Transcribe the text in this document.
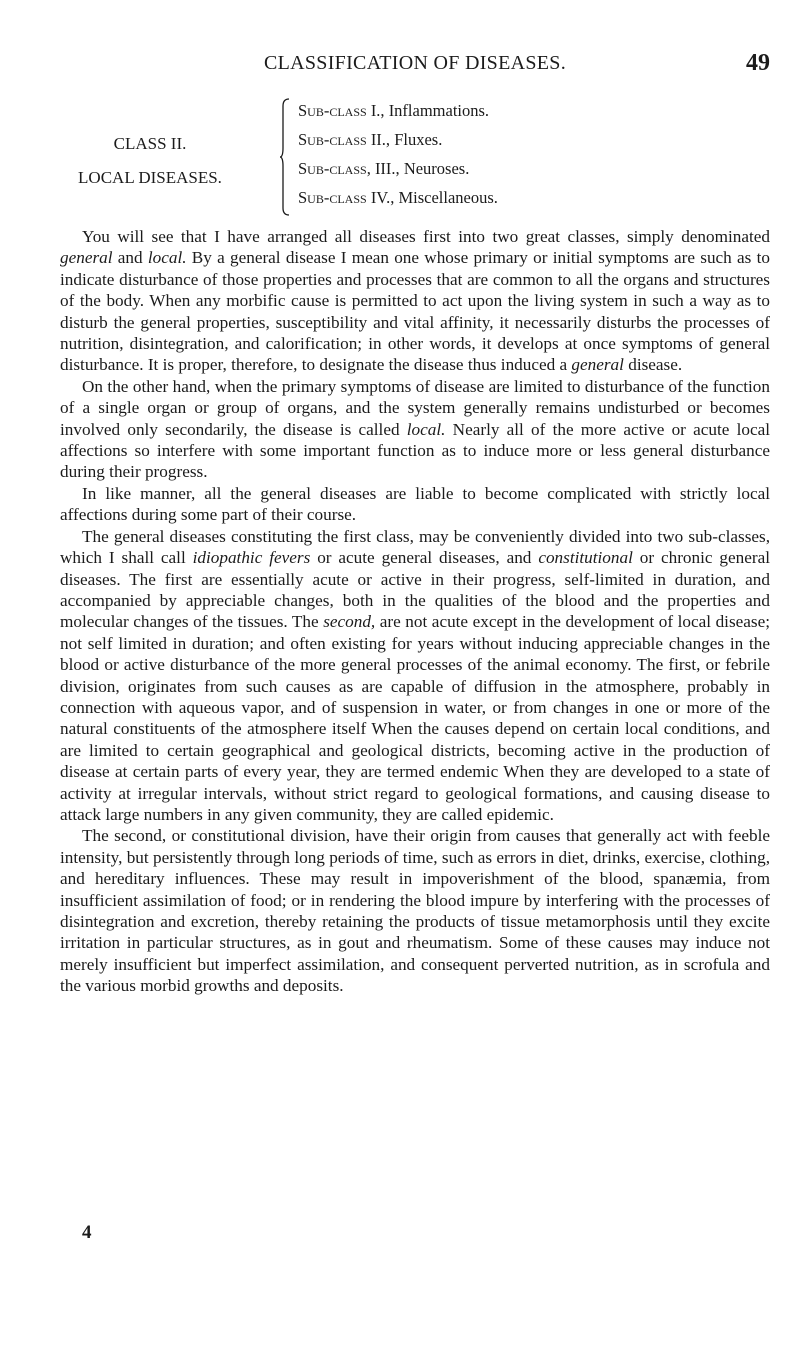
CLASSIFICATION OF DISEASES.	49
CLASS II.
LOCAL DISEASES.
Sub-class I., Inflammations.
Sub-class II., Fluxes.
Sub-class, III., Neuroses.
Sub-class IV., Miscellaneous.

You will see that I have arranged all diseases first into two great classes, simply denominated general and local. By a general disease I mean one whose primary or initial symptoms are such as to indicate disturbance of those properties and processes that are common to all the organs and structures of the body. When any morbific cause is permitted to act upon the living system in such a way as to disturb the general properties, susceptibility and vital affinity, it necessarily disturbs the processes of nutrition, disintegration, and calorification; in other words, it develops at once symptoms of general disturbance. It is proper, therefore, to designate the disease thus induced a general disease.

On the other hand, when the primary symptoms of disease are limited to disturbance of the function of a single organ or group of organs, and the system generally remains undisturbed or becomes involved only secondarily, the disease is called local. Nearly all of the more active or acute local affections so interfere with some important function as to induce more or less general disturbance during their progress.

In like manner, all the general diseases are liable to become complicated with strictly local affections during some part of their course.

The general diseases constituting the first class, may be conveniently divided into two sub-classes, which I shall call idiopathic fevers or acute general diseases, and constitutional or chronic general diseases. The first are essentially acute or active in their progress, self-limited in duration, and accompanied by appreciable changes, both in the qualities of the blood and the properties and molecular changes of the tissues. The second, are not acute except in the development of local disease; not self limited in duration; and often existing for years without inducing appreciable changes in the blood or active disturbance of the more general processes of the animal economy. The first, or febrile division, originates from such causes as are capable of diffusion in the atmosphere, probably in connection with aqueous vapor, and of suspension in water, or from changes in one or more of the natural constituents of the atmosphere itself When the causes depend on certain local conditions, and are limited to certain geographical and geological districts, becoming active in the production of disease at certain parts of every year, they are termed endemic When they are developed to a state of activity at irregular intervals, without strict regard to geological formations, and causing disease to attack large numbers in any given community, they are called epidemic.

The second, or constitutional division, have their origin from causes that generally act with feeble intensity, but persistently through long periods of time, such as errors in diet, drinks, exercise, clothing, and hereditary influences. These may result in impoverishment of the blood, spanæmia, from insufficient assimilation of food; or in rendering the blood impure by interfering with the processes of disintegration and excretion, thereby retaining the products of tissue metamorphosis until they excite irritation in particular structures, as in gout and rheumatism. Some of these causes may induce not merely insufficient but imperfect assimilation, and consequent perverted nutrition, as in scrofula and the various morbid growths and deposits.

4
